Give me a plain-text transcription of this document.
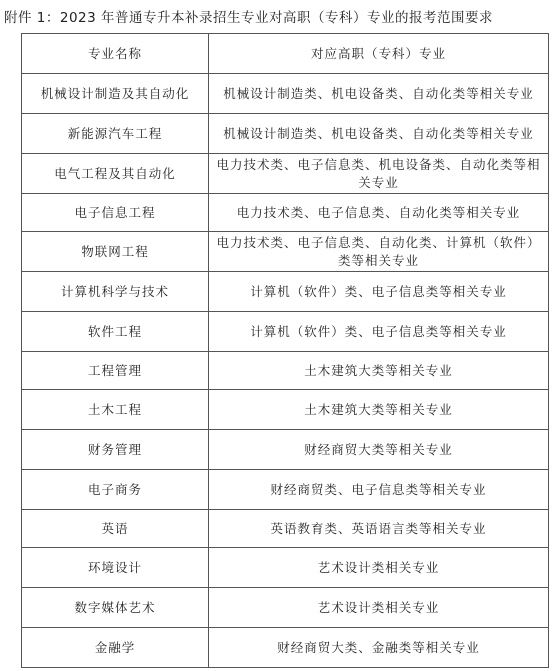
附件 1：2023 年普通专升本补录招生专业对高职（专科）专业的报考范围要求
专业名称	对应高职（专科）专业
机械设计制造及其自动化	机械设计制造类、机电设备类、自动化类等相关专业
新能源汽车工程	机械设计制造类、机电设备类、自动化类等相关专业
电气工程及其自动化	电力技术类、电子信息类、机电设备类、自动化类等相关专业
电子信息工程	电力技术类、电子信息类、自动化类等相关专业
物联网工程	电力技术类、电子信息类、自动化类、计算机（软件）类等相关专业
计算机科学与技术	计算机（软件）类、电子信息类等相关专业
软件工程	计算机（软件）类、电子信息类等相关专业
工程管理	土木建筑大类等相关专业
土木工程	土木建筑大类等相关专业
财务管理	财经商贸大类等相关专业
电子商务	财经商贸类、电子信息类等相关专业
英语	英语教育类、英语语言类等相关专业
环境设计	艺术设计类相关专业
数字媒体艺术	艺术设计类相关专业
金融学	财经商贸大类、金融类等相关专业
